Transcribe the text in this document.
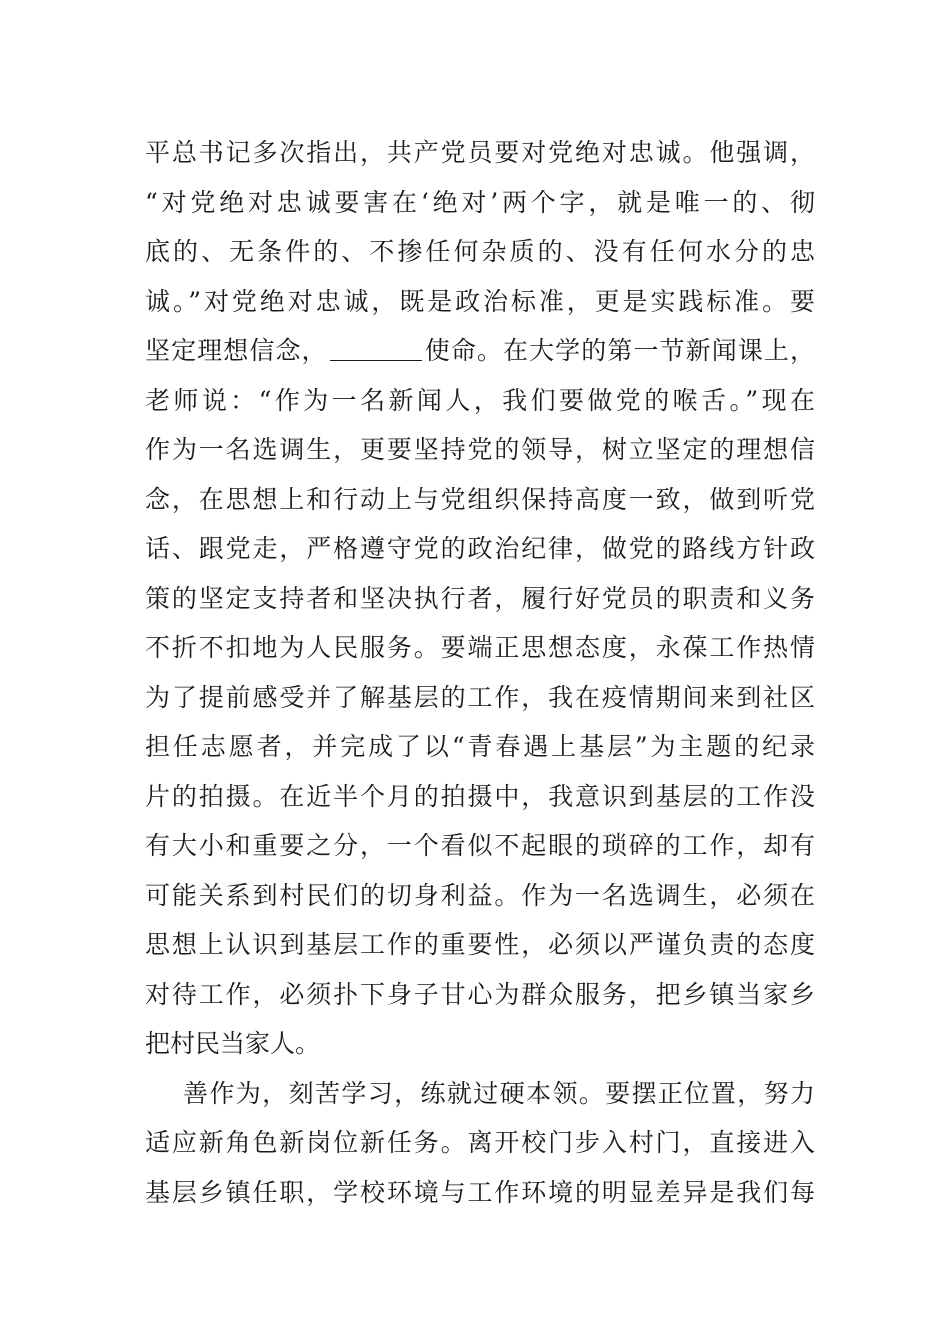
平总书记多次指出，共产党员要对党绝对忠诚。他强调，
“对党绝对忠诚要害在‘绝对’两个字，就是唯一的、彻
底的、无条件的、不掺任何杂质的、没有任何水分的忠
诚。”对党绝对忠诚，既是政治标准，更是实践标准。要
坚定理想信念，	使命。在大学的第一节新闻课上，
老师说：“作为一名新闻人，我们要做党的喉舌。”现在
作为一名选调生，更要坚持党的领导，树立坚定的理想信
念，在思想上和行动上与党组织保持高度一致，做到听党
话、跟党走，严格遵守党的政治纪律，做党的路线方针政
策的坚定支持者和坚决执行者，履行好党员的职责和义务
不折不扣地为人民服务。要端正思想态度，永葆工作热情
为了提前感受并了解基层的工作，我在疫情期间来到社区
担任志愿者，并完成了以“青春遇上基层”为主题的纪录
片的拍摄。在近半个月的拍摄中，我意识到基层的工作没
有大小和重要之分，一个看似不起眼的琐碎的工作，却有
可能关系到村民们的切身利益。作为一名选调生，必须在
思想上认识到基层工作的重要性，必须以严谨负责的态度
对待工作，必须扑下身子甘心为群众服务，把乡镇当家乡
把村民当家人。
善作为，刻苦学习，练就过硬本领。要摆正位置，努力
适应新角色新岗位新任务。离开校门步入村门，直接进入
基层乡镇任职，学校环境与工作环境的明显差异是我们每
